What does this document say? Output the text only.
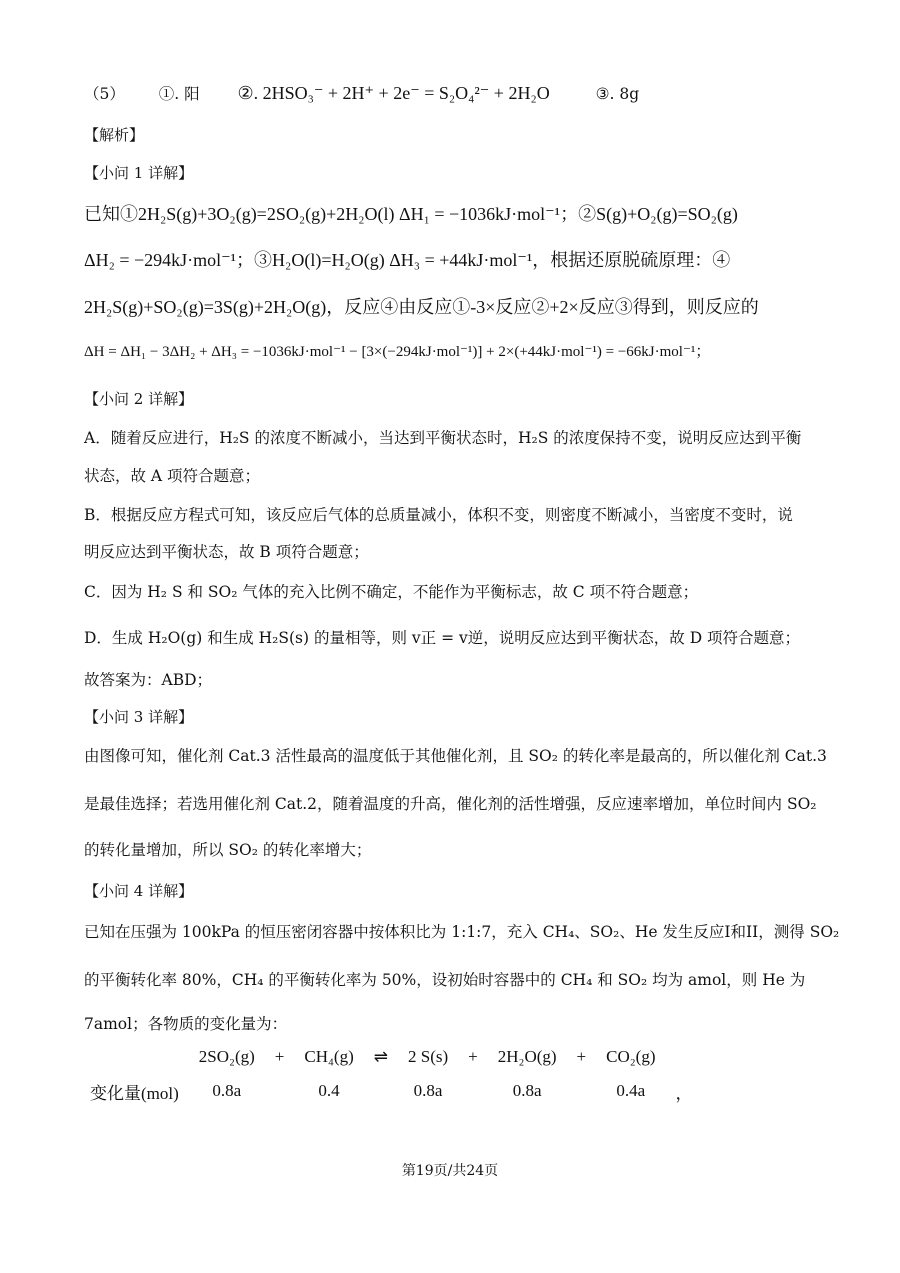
（5） ①. 阳 ②. 2HSO₃⁻ + 2H⁺ + 2e⁻ = S₂O₄²⁻ + 2H₂O	③. 8g
【解析】
【小问 1 详解】
已知①2H₂S(g)+3O₂(g)=2SO₂(g)+2H₂O(l) ΔH₁ = −1036kJ·mol⁻¹；②S(g)+O₂(g)=SO₂(g)
ΔH₂ = −294kJ·mol⁻¹；③H₂O(l)=H₂O(g) ΔH₃ = +44kJ·mol⁻¹，根据还原脱硫原理：④
2H₂S(g)+SO₂(g)=3S(g)+2H₂O(g)，反应④由反应①-3×反应②+2×反应③得到，则反应的
ΔH = ΔH₁ − 3ΔH₂ + ΔH₃ = −1036kJ·mol⁻¹ − [3×(−294kJ·mol⁻¹)] + 2×(+44kJ·mol⁻¹) = −66kJ·mol⁻¹；
【小问 2 详解】
A．随着反应进行，H₂S 的浓度不断减小，当达到平衡状态时，H₂S 的浓度保持不变，说明反应达到平衡
状态，故 A 项符合题意；
B．根据反应方程式可知，该反应后气体的总质量减小，体积不变，则密度不断减小，当密度不变时，说
明反应达到平衡状态，故 B 项符合题意；
C．因为 H₂ S 和 SO₂ 气体的充入比例不确定，不能作为平衡标志，故 C 项不符合题意；
D．生成 H₂O(g) 和生成 H₂S(s) 的量相等，则 v正 = v逆，说明反应达到平衡状态，故 D 项符合题意；
故答案为：ABD；
【小问 3 详解】
由图像可知，催化剂 Cat.3 活性最高的温度低于其他催化剂，且 SO₂ 的转化率是最高的，所以催化剂 Cat.3
是最佳选择；若选用催化剂 Cat.2，随着温度的升高，催化剂的活性增强，反应速率增加，单位时间内 SO₂
的转化量增加，所以 SO₂ 的转化率增大；
【小问 4 详解】
已知在压强为 100kPa 的恒压密闭容器中按体积比为 1:1:7，充入 CH₄、SO₂、He 发生反应I和II，测得 SO₂
的平衡转化率 80%，CH₄ 的平衡转化率为 50%，设初始时容器中的 CH₄ 和 SO₂ 均为 amol，则 He 为
7amol；各物质的变化量为：
	2SO₂(g)	+	CH₄(g)	⇌	2 S(s)	+	2H₂O(g)	+	CO₂(g)	
变化量(mol)	0.8a		0.4		0.8a		0.8a		0.4a	，
第19页/共24页
